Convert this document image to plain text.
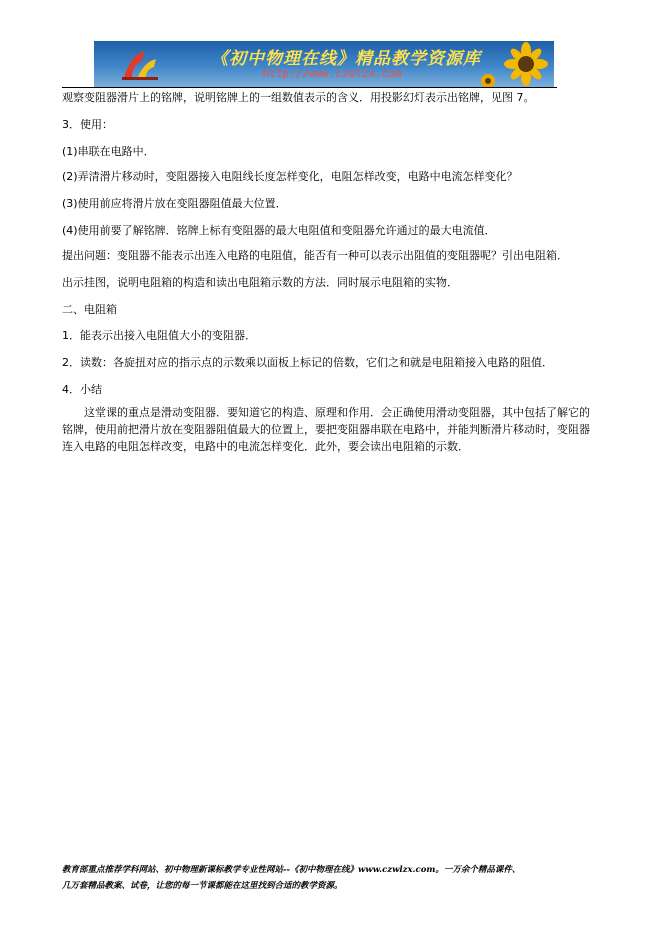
《初中物理在线》精品教学资源库
http://www.czwlzx.com

观察变阻器滑片上的铭牌，说明铭牌上的一组数值表示的含义．用投影幻灯表示出铭牌，见图 7。

3．使用：

(1)串联在电路中．

(2)弄清滑片移动时，变阻器接入电阻线长度怎样变化，电阻怎样改变，电路中电流怎样变化？

(3)使用前应将滑片放在变阻器阻值最大位置．

(4)使用前要了解铭牌．铭牌上标有变阻器的最大电阻值和变阻器允许通过的最大电流值．

提出问题：变阻器不能表示出连入电路的电阻值，能否有一种可以表示出阻值的变阻器呢？引出电阻箱．

出示挂图，说明电阻箱的构造和读出电阻箱示数的方法．同时展示电阻箱的实物．

二、电阻箱

1．能表示出接入电阻值大小的变阻器．

2．读数：各旋扭对应的指示点的示数乘以面板上标记的倍数，它们之和就是电阻箱接入电路的阻值．

4．小结

这堂课的重点是滑动变阻器．要知道它的构造、原理和作用．会正确使用滑动变阻器，其中包括了解它的铭牌，使用前把滑片放在变阻器阻值最大的位置上，要把变阻器串联在电路中，并能判断滑片移动时，变阻器连入电路的电阻怎样改变，电路中的电流怎样变化．此外，要会读出电阻箱的示数．

教育部重点推荐学科网站、初中物理新课标教学专业性网站--《初中物理在线》www.czwlzx.com。一万余个精品课件、
几万套精品教案、试卷，让您的每一节课都能在这里找到合适的教学资源。
